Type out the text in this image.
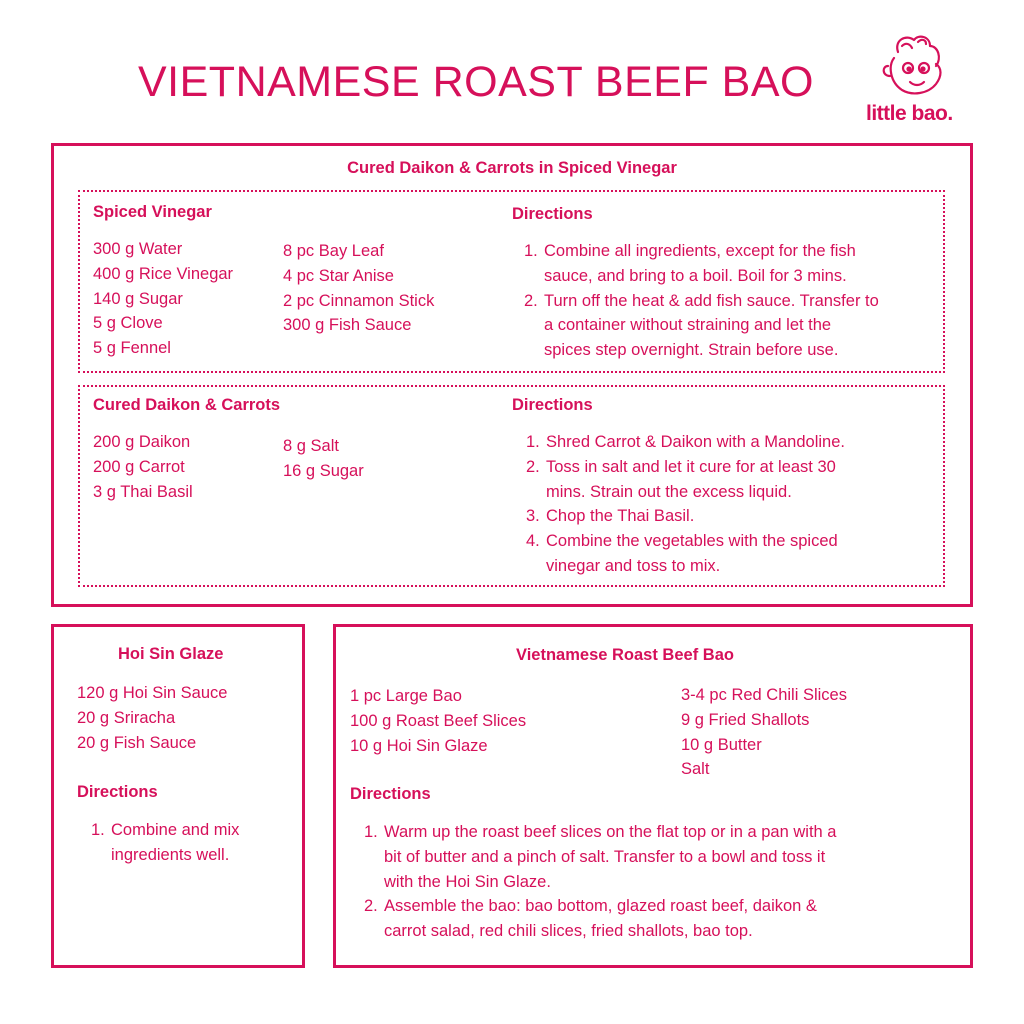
VIETNAMESE ROAST BEEF BAO
little bao.
Cured Daikon & Carrots in Spiced Vinegar
Spiced Vinegar
300 g Water
400 g Rice Vinegar
140 g Sugar
5 g Clove
5 g Fennel
8 pc Bay Leaf
4 pc Star Anise
2 pc Cinnamon Stick
300 g Fish Sauce
Directions
1. Combine all ingredients, except for the fish
sauce, and bring to a boil. Boil for 3 mins.
2. Turn off the heat & add fish sauce. Transfer to
a container without straining and let the
spices step overnight. Strain before use.
Cured Daikon & Carrots
200 g Daikon
200 g Carrot
3 g Thai Basil
8 g Salt
16 g Sugar
Directions
1. Shred Carrot & Daikon with a Mandoline.
2. Toss in salt and let it cure for at least 30
mins. Strain out the excess liquid.
3. Chop the Thai Basil.
4. Combine the vegetables with the spiced
vinegar and toss to mix.
Hoi Sin Glaze
120 g Hoi Sin Sauce
20 g Sriracha
20 g Fish Sauce
Directions
1. Combine and mix
ingredients well.
Vietnamese Roast Beef Bao
1 pc Large Bao
100 g Roast Beef Slices
10 g Hoi Sin Glaze
3-4 pc Red Chili Slices
9 g Fried Shallots
10 g Butter
Salt
Directions
1. Warm up the roast beef slices on the flat top or in a pan with a
bit of butter and a pinch of salt. Transfer to a bowl and toss it
with the Hoi Sin Glaze.
2. Assemble the bao: bao bottom, glazed roast beef, daikon &
carrot salad, red chili slices, fried shallots, bao top.
